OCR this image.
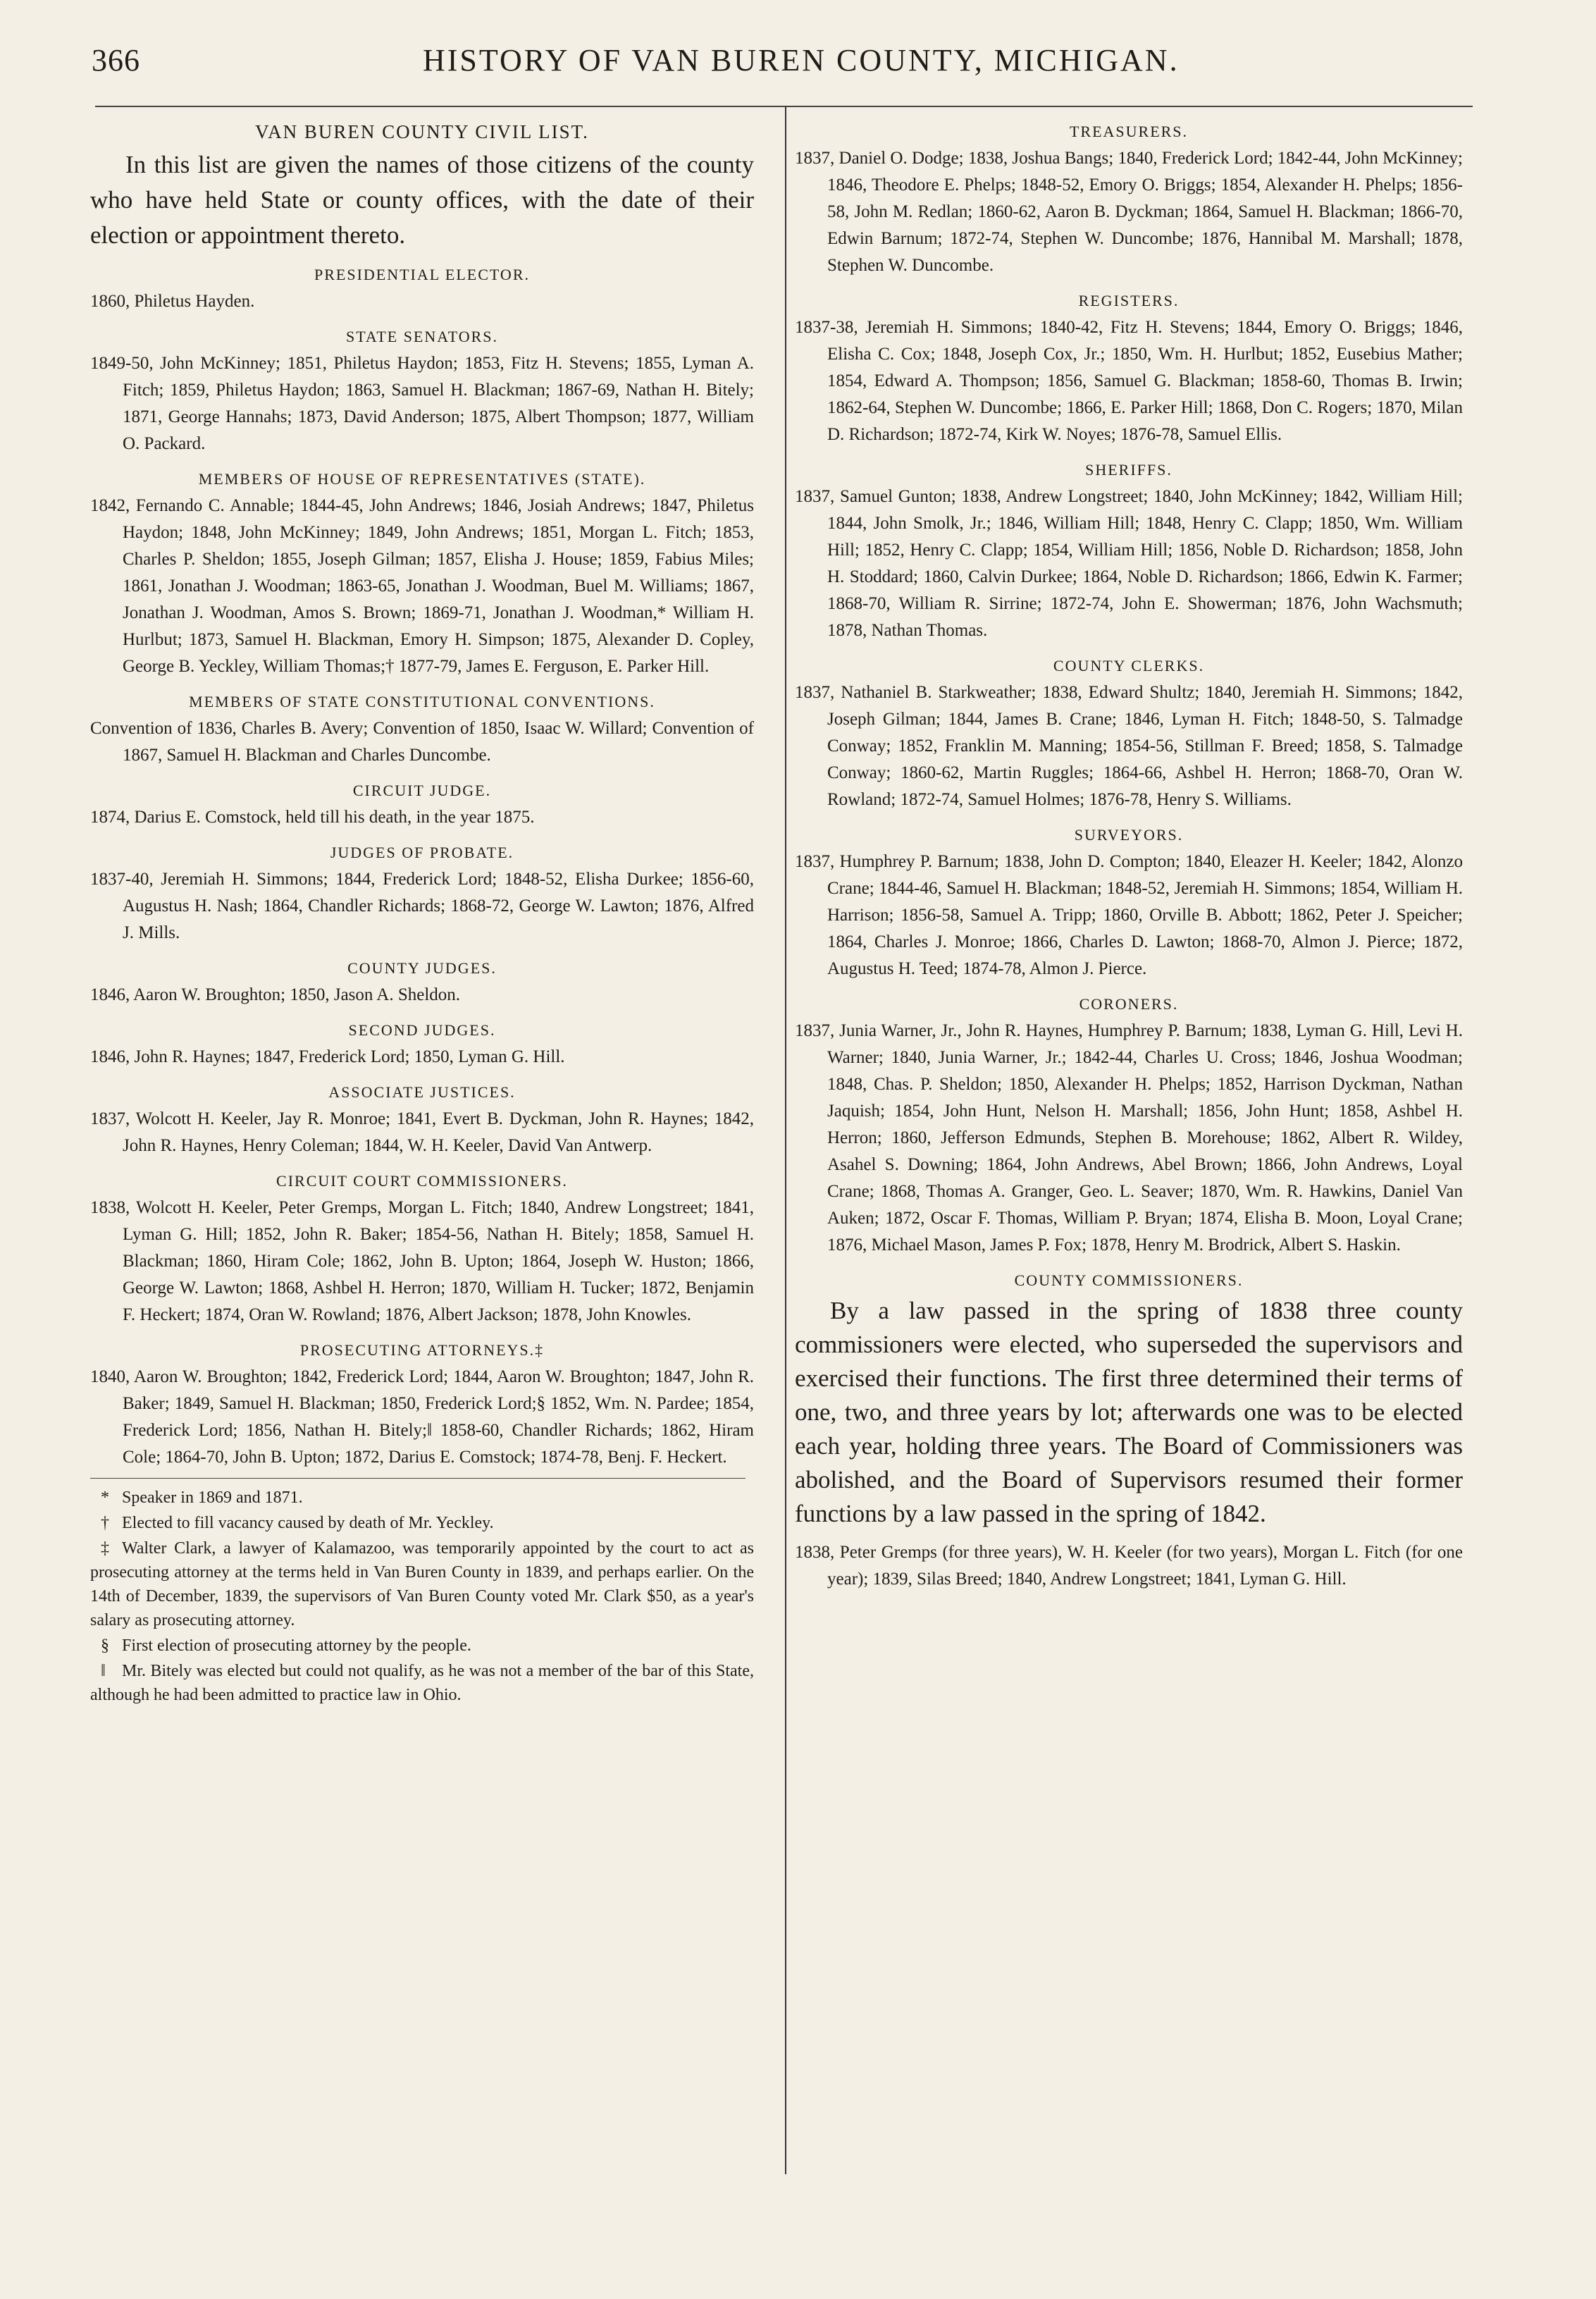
366	HISTORY OF VAN BUREN COUNTY, MICHIGAN.
VAN BUREN COUNTY CIVIL LIST.

In this list are given the names of those citizens of the county who have held State or county offices, with the date of their election or appointment thereto.

PRESIDENTIAL ELECTOR.

1860, Philetus Hayden.

STATE SENATORS.

1849-50, John McKinney; 1851, Philetus Haydon; 1853, Fitz H. Stevens; 1855, Lyman A. Fitch; 1859, Philetus Haydon; 1863, Samuel H. Blackman; 1867-69, Nathan H. Bitely; 1871, George Hannahs; 1873, David Anderson; 1875, Albert Thompson; 1877, William O. Packard.

MEMBERS OF HOUSE OF REPRESENTATIVES (STATE).

1842, Fernando C. Annable; 1844-45, John Andrews; 1846, Josiah Andrews; 1847, Philetus Haydon; 1848, John McKinney; 1849, John Andrews; 1851, Morgan L. Fitch; 1853, Charles P. Sheldon; 1855, Joseph Gilman; 1857, Elisha J. House; 1859, Fabius Miles; 1861, Jonathan J. Woodman; 1863-65, Jonathan J. Woodman, Buel M. Williams; 1867, Jonathan J. Woodman, Amos S. Brown; 1869-71, Jonathan J. Woodman,* William H. Hurlbut; 1873, Samuel H. Blackman, Emory H. Simpson; 1875, Alexander D. Copley, George B. Yeckley, William Thomas;† 1877-79, James E. Ferguson, E. Parker Hill.

MEMBERS OF STATE CONSTITUTIONAL CONVENTIONS.

Convention of 1836, Charles B. Avery; Convention of 1850, Isaac W. Willard; Convention of 1867, Samuel H. Blackman and Charles Duncombe.

CIRCUIT JUDGE.

1874, Darius E. Comstock, held till his death, in the year 1875.

JUDGES OF PROBATE.

1837-40, Jeremiah H. Simmons; 1844, Frederick Lord; 1848-52, Elisha Durkee; 1856-60, Augustus H. Nash; 1864, Chandler Richards; 1868-72, George W. Lawton; 1876, Alfred J. Mills.

COUNTY JUDGES.

1846, Aaron W. Broughton; 1850, Jason A. Sheldon.

SECOND JUDGES.

1846, John R. Haynes; 1847, Frederick Lord; 1850, Lyman G. Hill.

ASSOCIATE JUSTICES.

1837, Wolcott H. Keeler, Jay R. Monroe; 1841, Evert B. Dyckman, John R. Haynes; 1842, John R. Haynes, Henry Coleman; 1844, W. H. Keeler, David Van Antwerp.

CIRCUIT COURT COMMISSIONERS.

1838, Wolcott H. Keeler, Peter Gremps, Morgan L. Fitch; 1840, Andrew Longstreet; 1841, Lyman G. Hill; 1852, John R. Baker; 1854-56, Nathan H. Bitely; 1858, Samuel H. Blackman; 1860, Hiram Cole; 1862, John B. Upton; 1864, Joseph W. Huston; 1866, George W. Lawton; 1868, Ashbel H. Herron; 1870, William H. Tucker; 1872, Benjamin F. Heckert; 1874, Oran W. Rowland; 1876, Albert Jackson; 1878, John Knowles.

PROSECUTING ATTORNEYS.‡

1840, Aaron W. Broughton; 1842, Frederick Lord; 1844, Aaron W. Broughton; 1847, John R. Baker; 1849, Samuel H. Blackman; 1850, Frederick Lord;§ 1852, Wm. N. Pardee; 1854, Frederick Lord; 1856, Nathan H. Bitely;‖ 1858-60, Chandler Richards; 1862, Hiram Cole; 1864-70, John B. Upton; 1872, Darius E. Comstock; 1874-78, Benj. F. Heckert.

* Speaker in 1869 and 1871.

† Elected to fill vacancy caused by death of Mr. Yeckley.

‡ Walter Clark, a lawyer of Kalamazoo, was temporarily appointed by the court to act as prosecuting attorney at the terms held in Van Buren County in 1839, and perhaps earlier. On the 14th of December, 1839, the supervisors of Van Buren County voted Mr. Clark $50, as a year's salary as prosecuting attorney.

§ First election of prosecuting attorney by the people.

‖ Mr. Bitely was elected but could not qualify, as he was not a member of the bar of this State, although he had been admitted to practice law in Ohio.

TREASURERS.

1837, Daniel O. Dodge; 1838, Joshua Bangs; 1840, Frederick Lord; 1842-44, John McKinney; 1846, Theodore E. Phelps; 1848-52, Emory O. Briggs; 1854, Alexander H. Phelps; 1856-58, John M. Redlan; 1860-62, Aaron B. Dyckman; 1864, Samuel H. Blackman; 1866-70, Edwin Barnum; 1872-74, Stephen W. Duncombe; 1876, Hannibal M. Marshall; 1878, Stephen W. Duncombe.

REGISTERS.

1837-38, Jeremiah H. Simmons; 1840-42, Fitz H. Stevens; 1844, Emory O. Briggs; 1846, Elisha C. Cox; 1848, Joseph Cox, Jr.; 1850, Wm. H. Hurlbut; 1852, Eusebius Mather; 1854, Edward A. Thompson; 1856, Samuel G. Blackman; 1858-60, Thomas B. Irwin; 1862-64, Stephen W. Duncombe; 1866, E. Parker Hill; 1868, Don C. Rogers; 1870, Milan D. Richardson; 1872-74, Kirk W. Noyes; 1876-78, Samuel Ellis.

SHERIFFS.

1837, Samuel Gunton; 1838, Andrew Longstreet; 1840, John McKinney; 1842, William Hill; 1844, John Smolk, Jr.; 1846, William Hill; 1848, Henry C. Clapp; 1850, Wm. William Hill; 1852, Henry C. Clapp; 1854, William Hill; 1856, Noble D. Richardson; 1858, John H. Stoddard; 1860, Calvin Durkee; 1864, Noble D. Richardson; 1866, Edwin K. Farmer; 1868-70, William R. Sirrine; 1872-74, John E. Showerman; 1876, John Wachsmuth; 1878, Nathan Thomas.

COUNTY CLERKS.

1837, Nathaniel B. Starkweather; 1838, Edward Shultz; 1840, Jeremiah H. Simmons; 1842, Joseph Gilman; 1844, James B. Crane; 1846, Lyman H. Fitch; 1848-50, S. Talmadge Conway; 1852, Franklin M. Manning; 1854-56, Stillman F. Breed; 1858, S. Talmadge Conway; 1860-62, Martin Ruggles; 1864-66, Ashbel H. Herron; 1868-70, Oran W. Rowland; 1872-74, Samuel Holmes; 1876-78, Henry S. Williams.

SURVEYORS.

1837, Humphrey P. Barnum; 1838, John D. Compton; 1840, Eleazer H. Keeler; 1842, Alonzo Crane; 1844-46, Samuel H. Blackman; 1848-52, Jeremiah H. Simmons; 1854, William H. Harrison; 1856-58, Samuel A. Tripp; 1860, Orville B. Abbott; 1862, Peter J. Speicher; 1864, Charles J. Monroe; 1866, Charles D. Lawton; 1868-70, Almon J. Pierce; 1872, Augustus H. Teed; 1874-78, Almon J. Pierce.

CORONERS.

1837, Junia Warner, Jr., John R. Haynes, Humphrey P. Barnum; 1838, Lyman G. Hill, Levi H. Warner; 1840, Junia Warner, Jr.; 1842-44, Charles U. Cross; 1846, Joshua Woodman; 1848, Chas. P. Sheldon; 1850, Alexander H. Phelps; 1852, Harrison Dyckman, Nathan Jaquish; 1854, John Hunt, Nelson H. Marshall; 1856, John Hunt; 1858, Ashbel H. Herron; 1860, Jefferson Edmunds, Stephen B. Morehouse; 1862, Albert R. Wildey, Asahel S. Downing; 1864, John Andrews, Abel Brown; 1866, John Andrews, Loyal Crane; 1868, Thomas A. Granger, Geo. L. Seaver; 1870, Wm. R. Hawkins, Daniel Van Auken; 1872, Oscar F. Thomas, William P. Bryan; 1874, Elisha B. Moon, Loyal Crane; 1876, Michael Mason, James P. Fox; 1878, Henry M. Brodrick, Albert S. Haskin.

COUNTY COMMISSIONERS.

By a law passed in the spring of 1838 three county commissioners were elected, who superseded the supervisors and exercised their functions. The first three determined their terms of one, two, and three years by lot; afterwards one was to be elected each year, holding three years. The Board of Commissioners was abolished, and the Board of Supervisors resumed their former functions by a law passed in the spring of 1842.

1838, Peter Gremps (for three years), W. H. Keeler (for two years), Morgan L. Fitch (for one year); 1839, Silas Breed; 1840, Andrew Longstreet; 1841, Lyman G. Hill.
